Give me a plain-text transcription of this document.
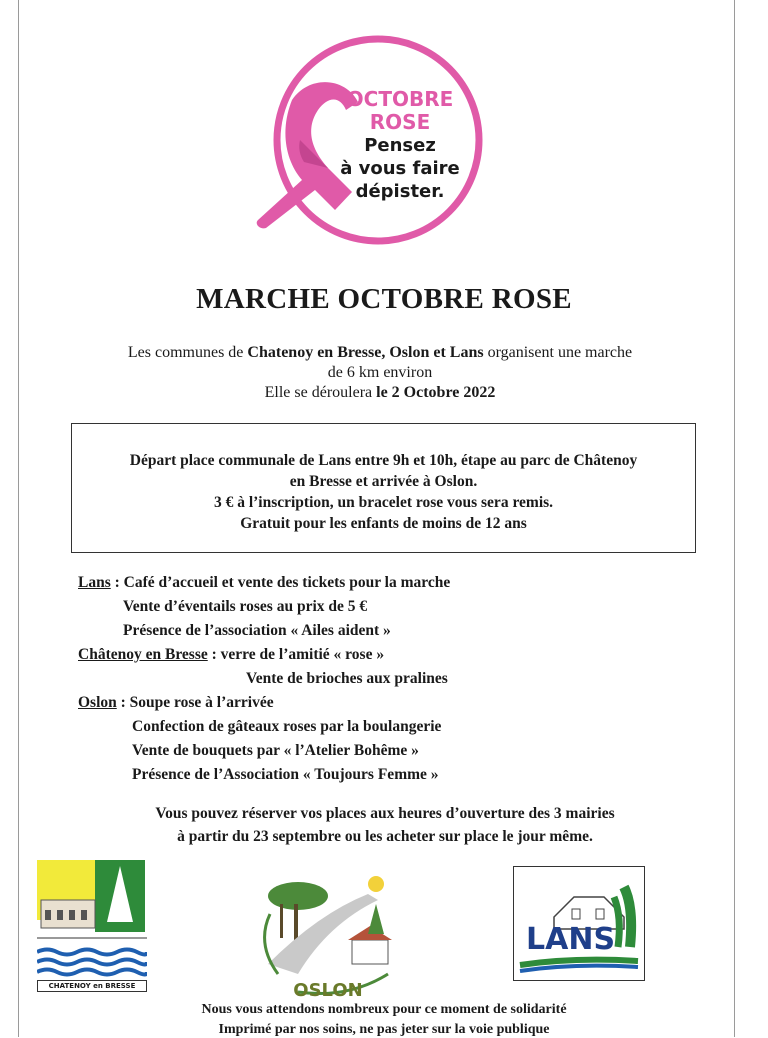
OCTOBRE
ROSE
Pensez
à vous faire
dépister.
MARCHE OCTOBRE ROSE
Les communes de Chatenoy en Bresse, Oslon et Lans organisent une marche
de 6 km environ
Elle se déroulera le 2 Octobre 2022
Départ place communale de Lans entre 9h et 10h, étape au parc de Châtenoy
en Bresse et arrivée à Oslon.
3 € à l’inscription, un bracelet rose vous sera remis.
Gratuit pour les enfants de moins de 12 ans
Lans : Café d’accueil et vente des tickets pour la marche
Vente d’éventails roses au prix de 5 €
Présence de l’association « Ailes aident »
Châtenoy en Bresse : verre de l’amitié « rose »
Vente de brioches aux pralines
Oslon : Soupe rose à l’arrivée
Confection de gâteaux roses par la boulangerie
Vente de bouquets par « l’Atelier Bohême »
Présence de l’Association « Toujours Femme »
Vous pouvez réserver vos places aux heures d’ouverture des 3 mairies
à partir du 23 septembre ou les acheter sur place le jour même.
CHATENOY en BRESSE	OSLON
LANS
Nous vous attendons nombreux pour ce moment de solidarité
Imprimé par nos soins, ne pas jeter sur la voie publique
